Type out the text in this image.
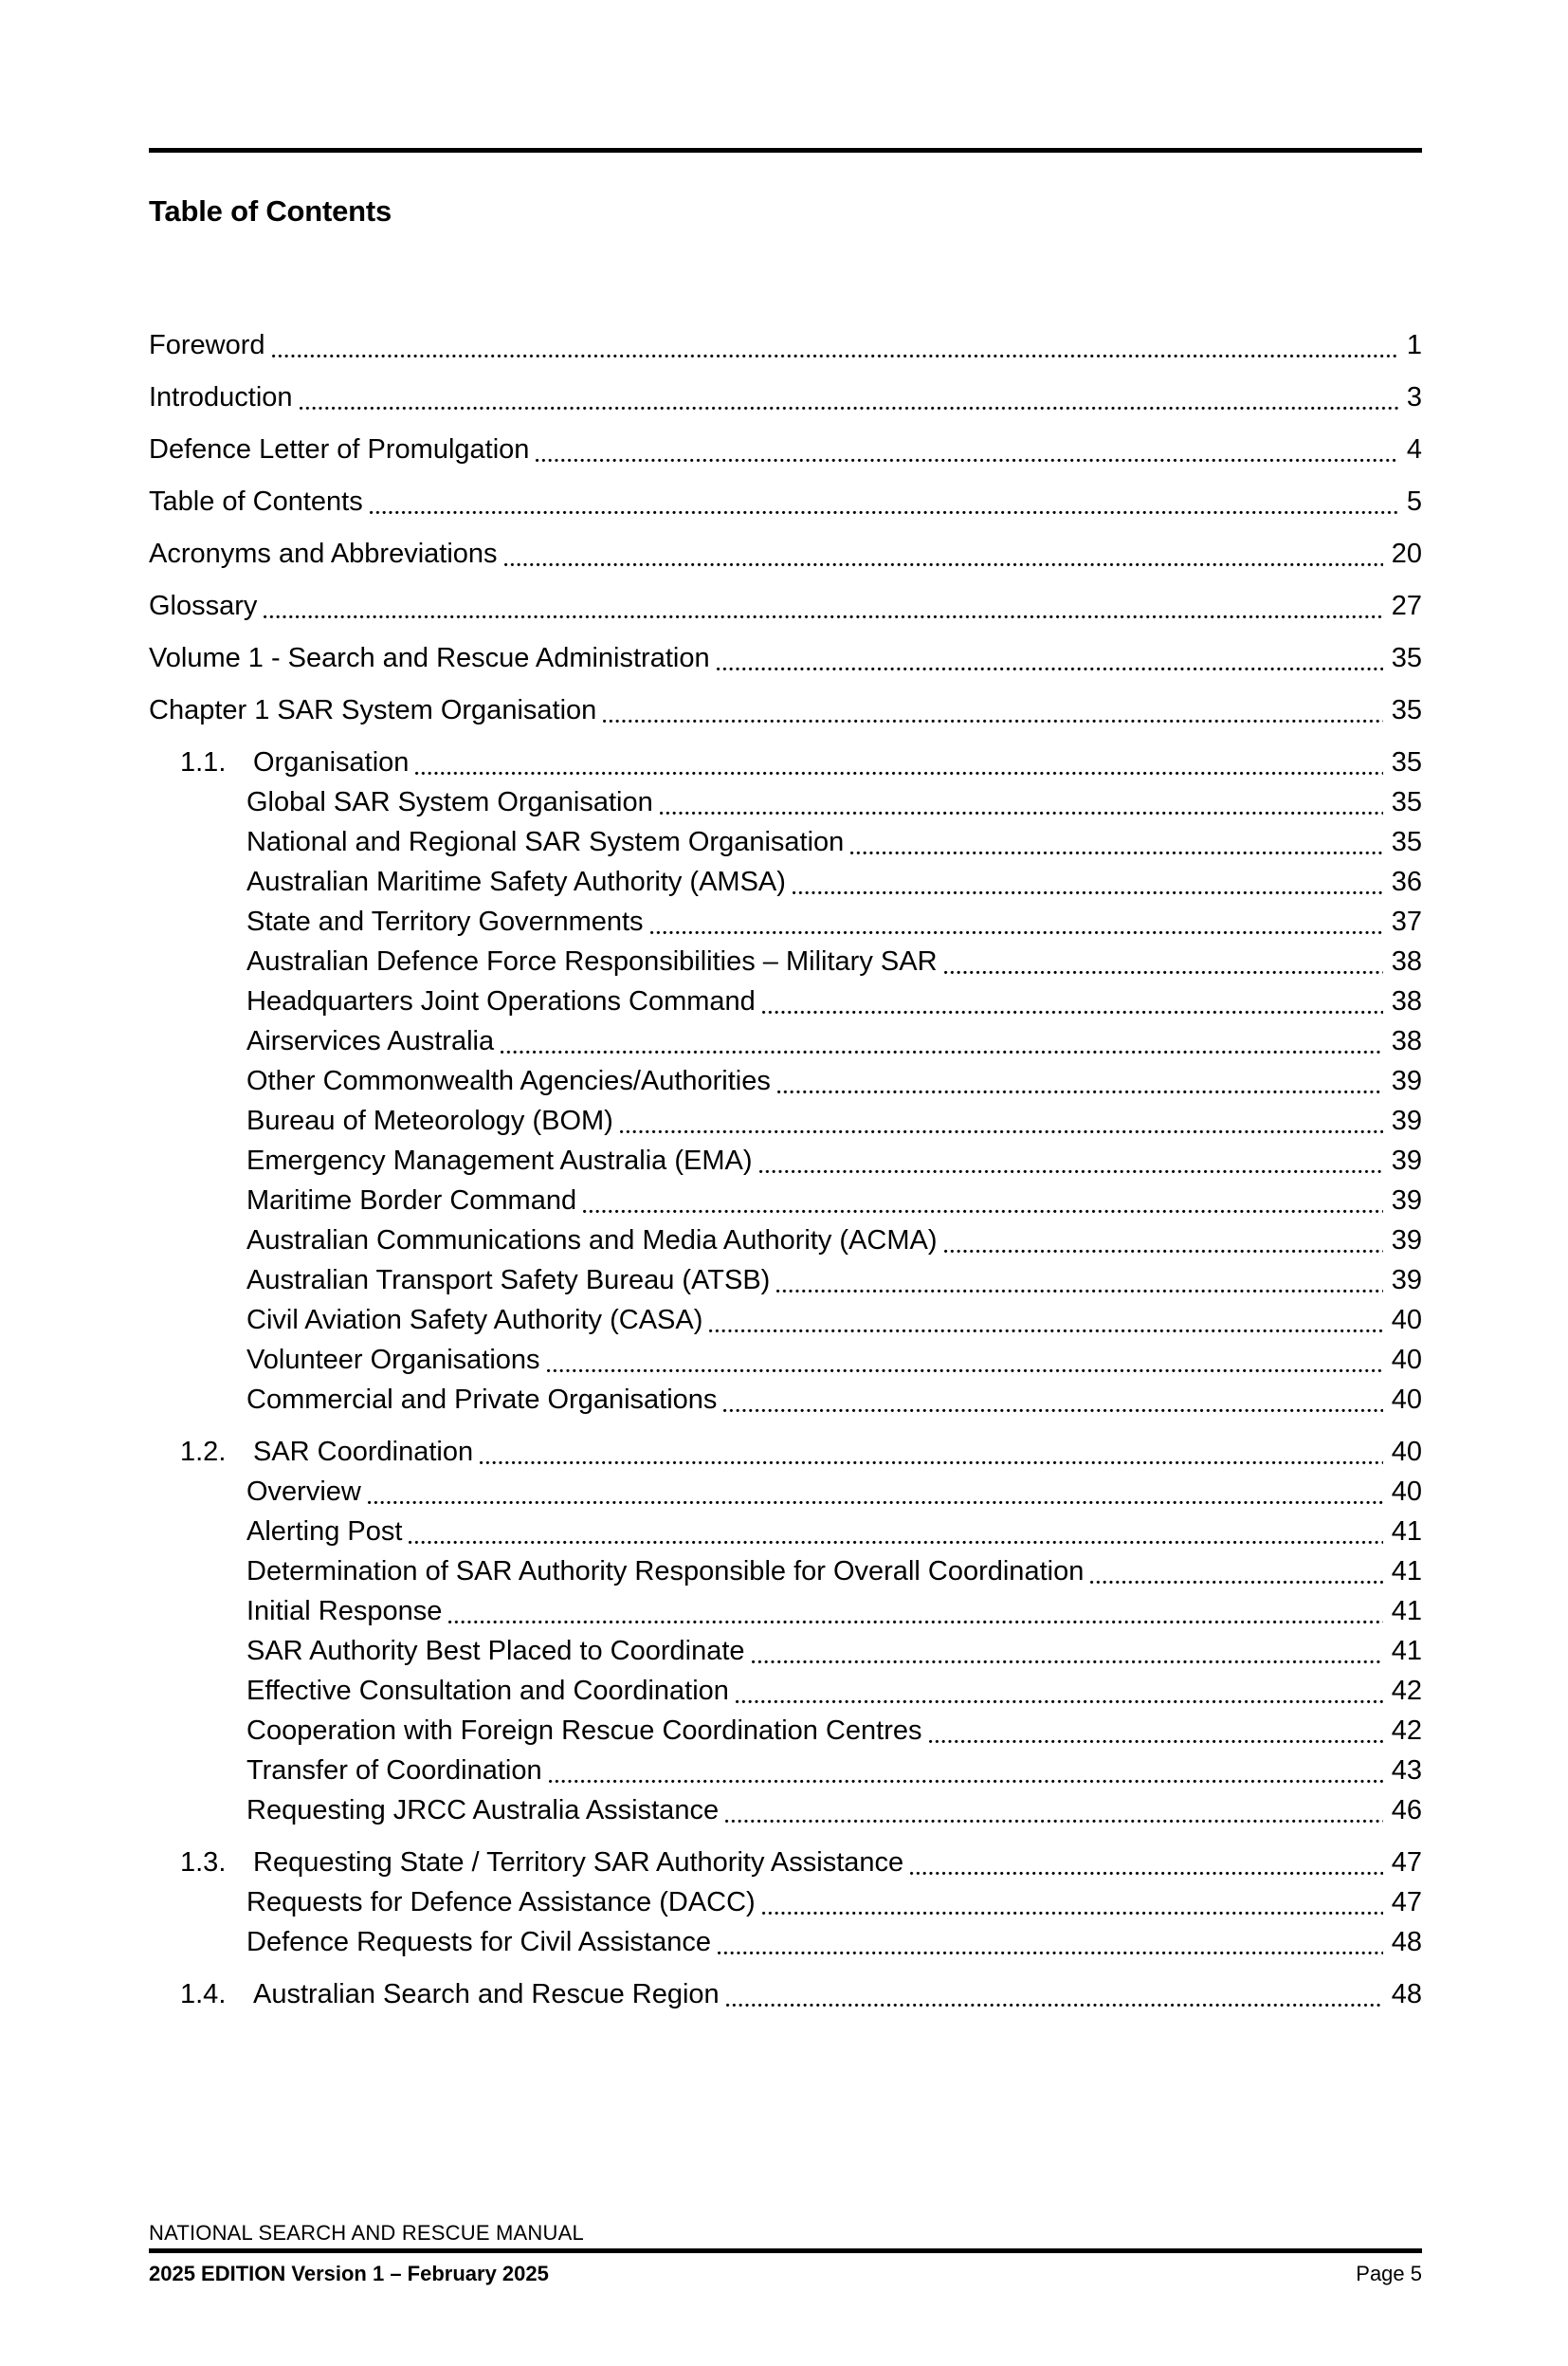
Table of Contents
Foreword	1
Introduction	3
Defence Letter of Promulgation	4
Table of Contents	5
Acronyms and Abbreviations	20
Glossary	27
Volume 1 - Search and Rescue Administration	35
Chapter 1 SAR System Organisation	35
1.1. Organisation	35
Global SAR System Organisation	35
National and Regional SAR System Organisation	35
Australian Maritime Safety Authority (AMSA)	36
State and Territory Governments	37
Australian Defence Force Responsibilities – Military SAR	38
Headquarters Joint Operations Command	38
Airservices Australia	38
Other Commonwealth Agencies/Authorities	39
Bureau of Meteorology (BOM)	39
Emergency Management Australia (EMA)	39
Maritime Border Command	39
Australian Communications and Media Authority (ACMA)	39
Australian Transport Safety Bureau (ATSB)	39
Civil Aviation Safety Authority (CASA)	40
Volunteer Organisations	40
Commercial and Private Organisations	40
1.2. SAR Coordination	40
Overview	40
Alerting Post	41
Determination of SAR Authority Responsible for Overall Coordination	41
Initial Response	41
SAR Authority Best Placed to Coordinate	41
Effective Consultation and Coordination	42
Cooperation with Foreign Rescue Coordination Centres	42
Transfer of Coordination	43
Requesting JRCC Australia Assistance	46
1.3. Requesting State / Territory SAR Authority Assistance	47
Requests for Defence Assistance (DACC)	47
Defence Requests for Civil Assistance	48
1.4. Australian Search and Rescue Region	48
NATIONAL SEARCH AND RESCUE MANUAL
2025 EDITION Version 1 – February 2025	Page 5
